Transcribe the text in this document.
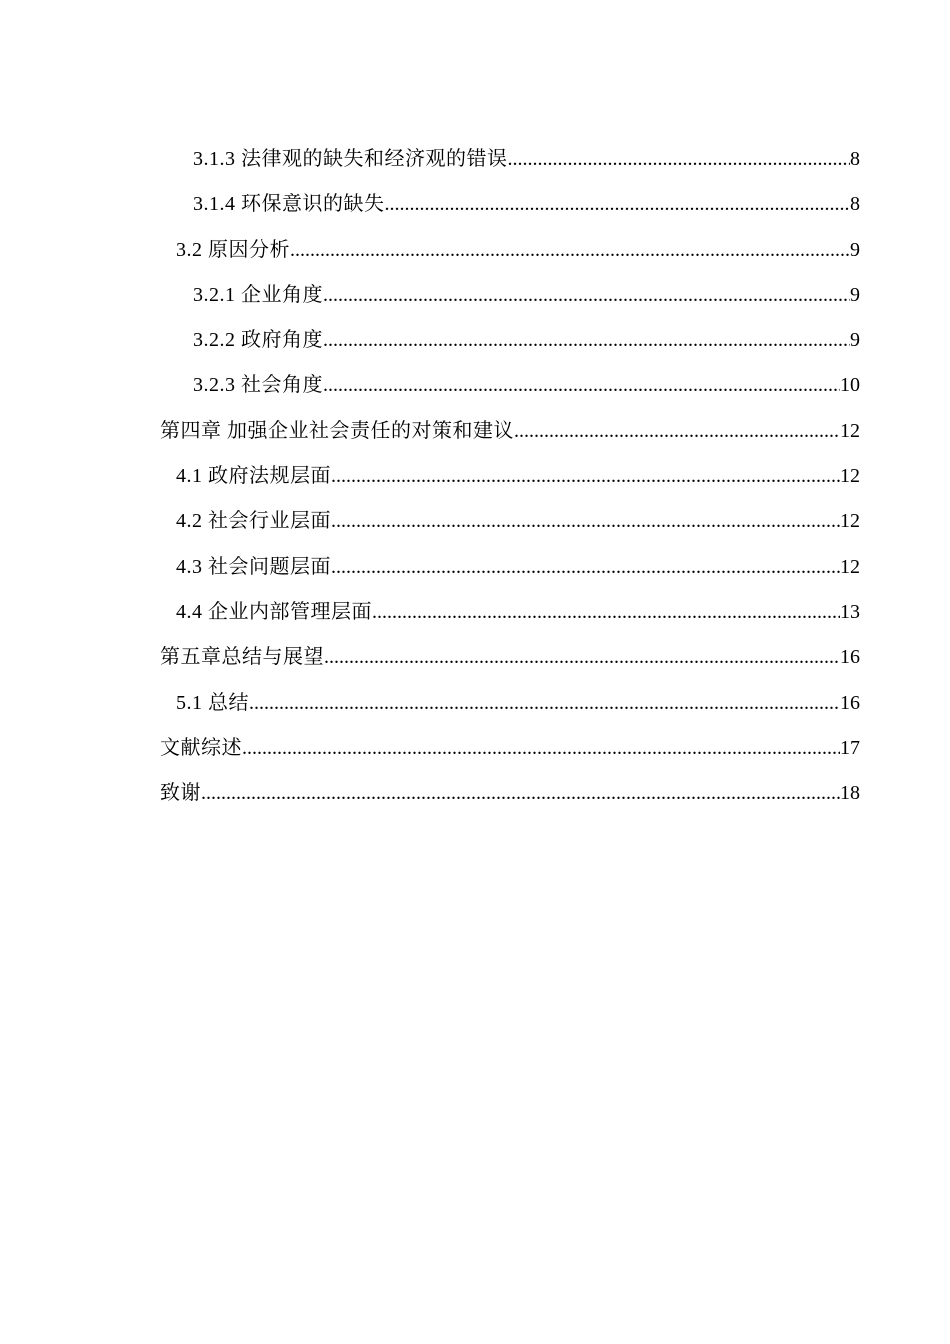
3.1.3 法律观的缺失和经济观的错误 .....	8
3.1.4 环保意识的缺失 .....	8
3.2 原因分析 .....	9
3.2.1 企业角度 .....	9
3.2.2 政府角度 .....	9
3.2.3 社会角度 .....	10
第四章 加强企业社会责任的对策和建议 .....	12
4.1 政府法规层面 .....	12
4.2 社会行业层面 .....	12
4.3 社会问题层面 .....	12
4.4 企业内部管理层面 .....	13
第五章总结与展望 .....	16
5.1 总结 .....	16
文献综述 .....	17
致谢 .....	18
